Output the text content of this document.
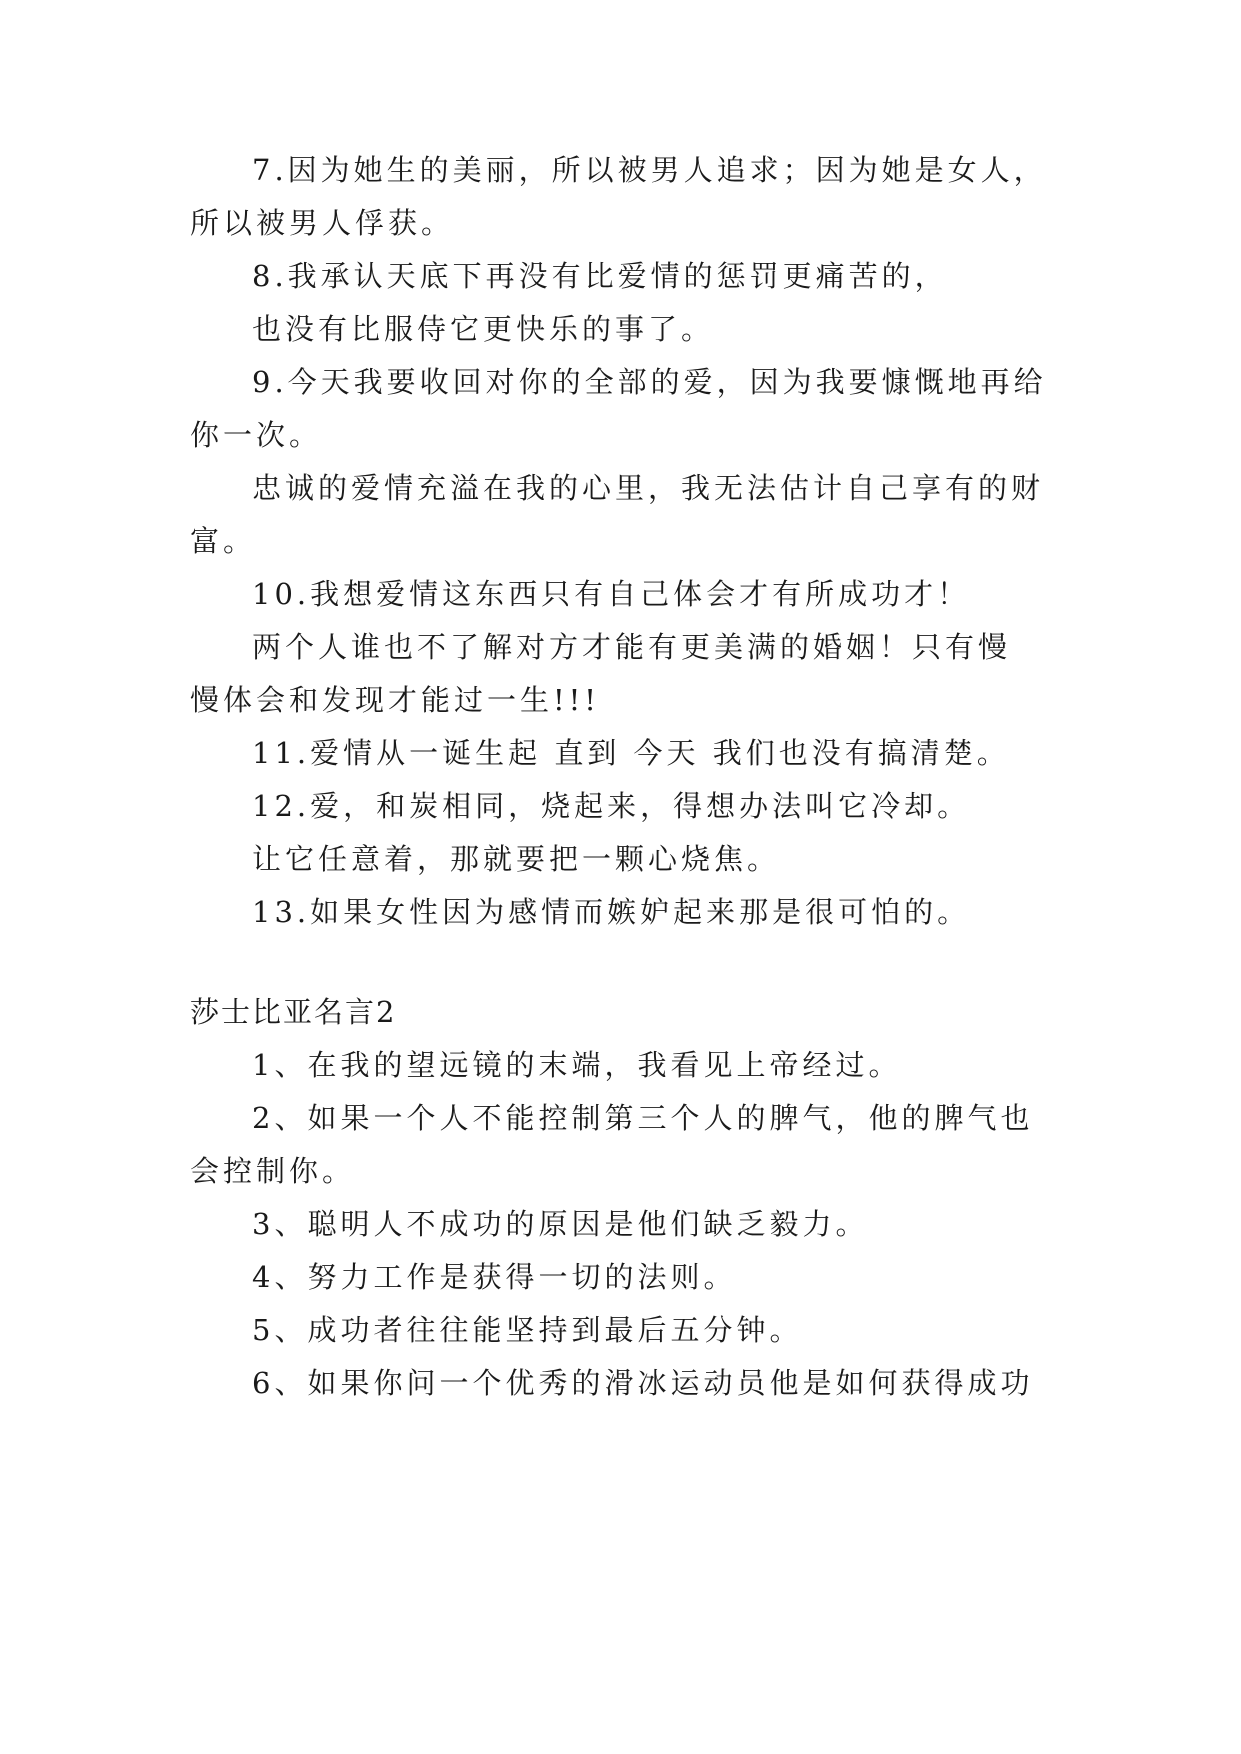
7.因为她生的美丽，所以被男人追求；因为她是女人，
所以被男人俘获。
8.我承认天底下再没有比爱情的惩罚更痛苦的，
也没有比服侍它更快乐的事了。
9.今天我要收回对你的全部的爱，因为我要慷慨地再给
你一次。
忠诚的爱情充溢在我的心里，我无法估计自己享有的财
富。
10.我想爱情这东西只有自己体会才有所成功才！
两个人谁也不了解对方才能有更美满的婚姻！只有慢
慢体会和发现才能过一生!!!
11.爱情从一诞生起 直到 今天 我们也没有搞清楚。
12.爱，和炭相同，烧起来，得想办法叫它冷却。
让它任意着，那就要把一颗心烧焦。
13.如果女性因为感情而嫉妒起来那是很可怕的。
莎士比亚名言2
1、在我的望远镜的末端，我看见上帝经过。
2、如果一个人不能控制第三个人的脾气，他的脾气也
会控制你。
3、聪明人不成功的原因是他们缺乏毅力。
4、努力工作是获得一切的法则。
5、成功者往往能坚持到最后五分钟。
6、如果你问一个优秀的滑冰运动员他是如何获得成功
